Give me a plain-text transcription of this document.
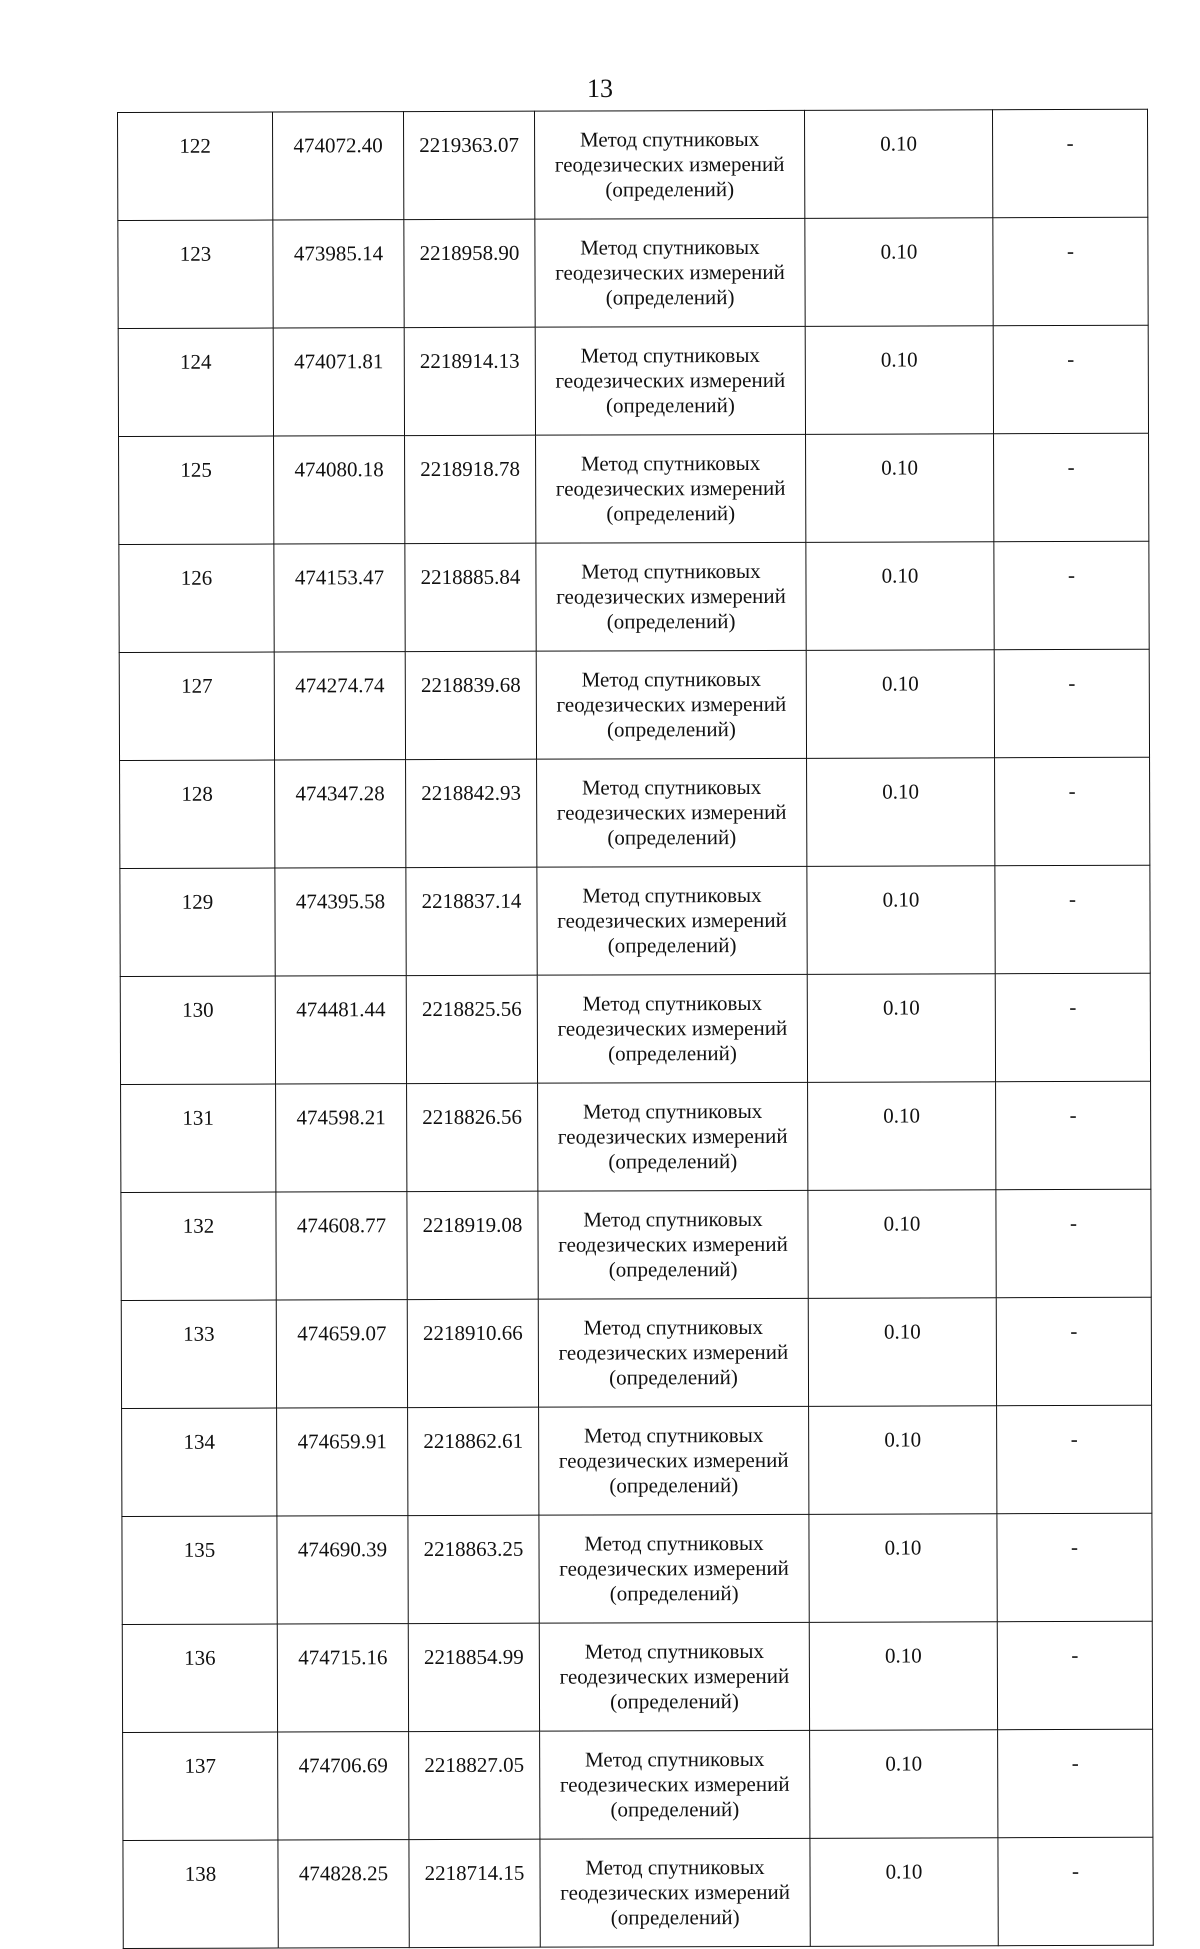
13
122	474072.40	2219363.07	Метод спутниковых
геодезических измерений
(определений)	0.10	-
123	473985.14	2218958.90	Метод спутниковых
геодезических измерений
(определений)	0.10	-
124	474071.81	2218914.13	Метод спутниковых
геодезических измерений
(определений)	0.10	-
125	474080.18	2218918.78	Метод спутниковых
геодезических измерений
(определений)	0.10	-
126	474153.47	2218885.84	Метод спутниковых
геодезических измерений
(определений)	0.10	-
127	474274.74	2218839.68	Метод спутниковых
геодезических измерений
(определений)	0.10	-
128	474347.28	2218842.93	Метод спутниковых
геодезических измерений
(определений)	0.10	-
129	474395.58	2218837.14	Метод спутниковых
геодезических измерений
(определений)	0.10	-
130	474481.44	2218825.56	Метод спутниковых
геодезических измерений
(определений)	0.10	-
131	474598.21	2218826.56	Метод спутниковых
геодезических измерений
(определений)	0.10	-
132	474608.77	2218919.08	Метод спутниковых
геодезических измерений
(определений)	0.10	-
133	474659.07	2218910.66	Метод спутниковых
геодезических измерений
(определений)	0.10	-
134	474659.91	2218862.61	Метод спутниковых
геодезических измерений
(определений)	0.10	-
135	474690.39	2218863.25	Метод спутниковых
геодезических измерений
(определений)	0.10	-
136	474715.16	2218854.99	Метод спутниковых
геодезических измерений
(определений)	0.10	-
137	474706.69	2218827.05	Метод спутниковых
геодезических измерений
(определений)	0.10	-
138	474828.25	2218714.15	Метод спутниковых
геодезических измерений
(определений)	0.10	-
